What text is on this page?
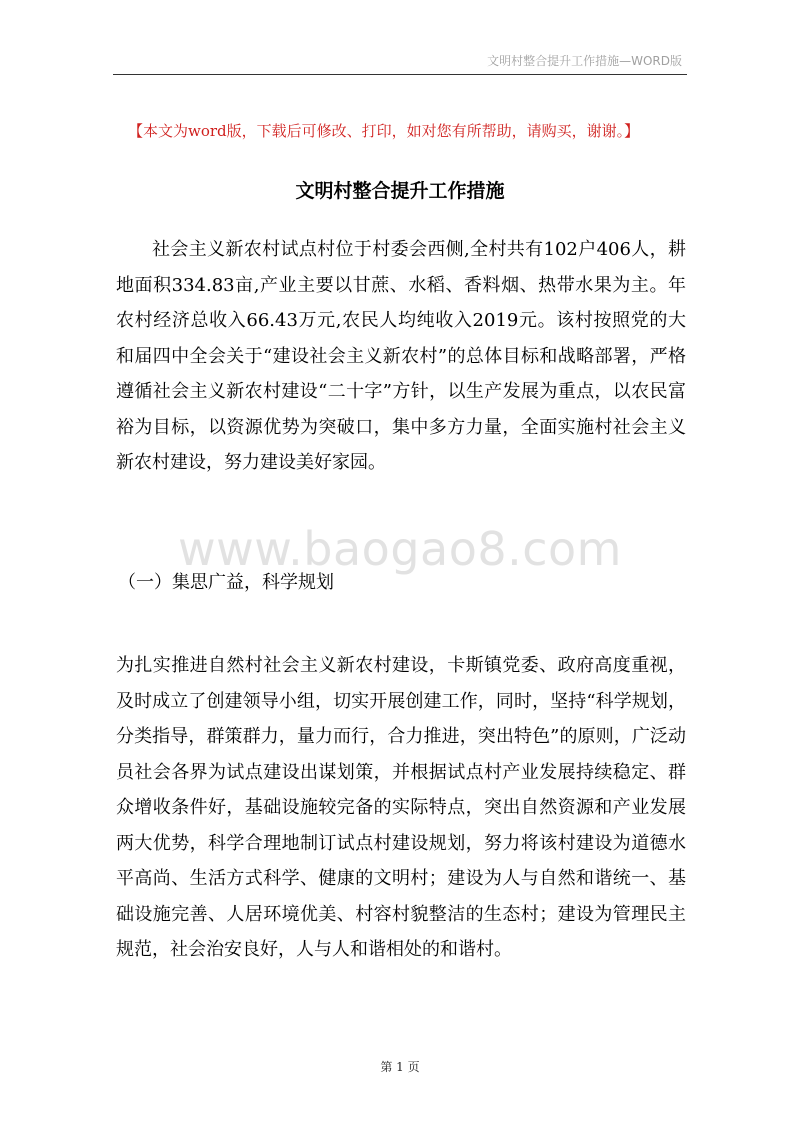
文明村整合提升工作措施—WORD版
【本文为word版，下载后可修改、打印，如对您有所帮助，请购买，谢谢。】
文明村整合提升工作措施

社会主义新农村试点村位于村委会西侧,全村共有102户406人，耕地面积334.83亩,产业主要以甘蔗、水稻、香料烟、热带水果为主。年农村经济总收入66.43万元,农民人均纯收入2019元。该村按照党的大和届四中全会关于“建设社会主义新农村”的总体目标和战略部署，严格遵循社会主义新农村建设“二十字”方针，以生产发展为重点，以农民富裕为目标，以资源优势为突破口，集中多方力量，全面实施村社会主义新农村建设，努力建设美好家园。

www.baogao8.com
（一）集思广益，科学规划

为扎实推进自然村社会主义新农村建设，卡斯镇党委、政府高度重视，及时成立了创建领导小组，切实开展创建工作，同时，坚持“科学规划，分类指导，群策群力，量力而行，合力推进，突出特色”的原则，广泛动员社会各界为试点建设出谋划策，并根据试点村产业发展持续稳定、群众增收条件好，基础设施较完备的实际特点，突出自然资源和产业发展两大优势，科学合理地制订试点村建设规划，努力将该村建设为道德水平高尚、生活方式科学、健康的文明村；建设为人与自然和谐统一、基础设施完善、人居环境优美、村容村貌整洁的生态村；建设为管理民主规范，社会治安良好，人与人和谐相处的和谐村。

第 1 页
